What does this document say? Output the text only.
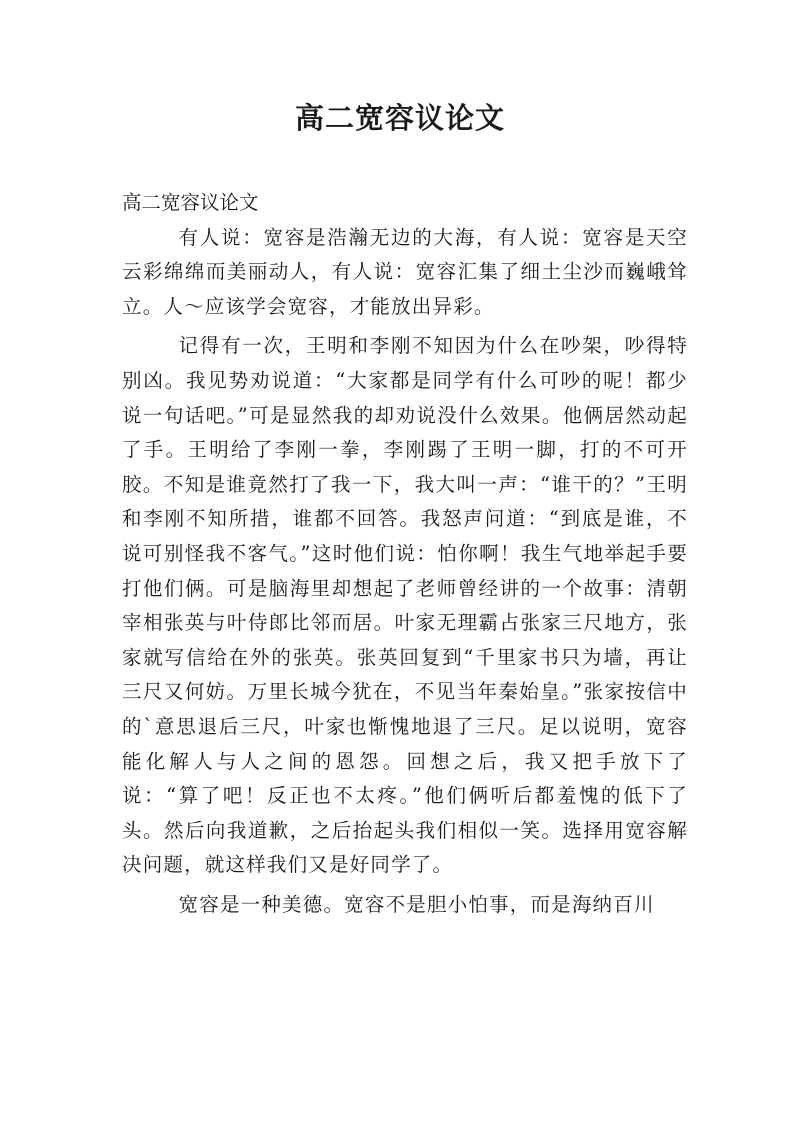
高二宽容议论文

高二宽容议论文

有人说：宽容是浩瀚无边的大海，有人说：宽容是天空云彩绵绵而美丽动人，有人说：宽容汇集了细土尘沙而巍峨耸立。人～应该学会宽容，才能放出异彩。

记得有一次，王明和李刚不知因为什么在吵架，吵得特别凶。我见势劝说道：“大家都是同学有什么可吵的呢！都少说一句话吧。”可是显然我的却劝说没什么效果。他俩居然动起了手。王明给了李刚一拳，李刚踢了王明一脚，打的不可开胶。不知是谁竟然打了我一下，我大叫一声：“谁干的？”王明和李刚不知所措，谁都不回答。我怒声问道：“到底是谁，不说可别怪我不客气。”这时他们说：怕你啊！我生气地举起手要打他们俩。可是脑海里却想起了老师曾经讲的一个故事：清朝宰相张英与叶侍郎比邻而居。叶家无理霸占张家三尺地方，张家就写信给在外的张英。张英回复到“千里家书只为墙，再让三尺又何妨。万里长城今犹在，不见当年秦始皇。”张家按信中的`意思退后三尺，叶家也惭愧地退了三尺。足以说明，宽容能化解人与人之间的恩怨。回想之后，我又把手放下了说：“算了吧！反正也不太疼。”他们俩听后都羞愧的低下了头。然后向我道歉，之后抬起头我们相似一笑。选择用宽容解决问题，就这样我们又是好同学了。

宽容是一种美德。宽容不是胆小怕事，而是海纳百川
